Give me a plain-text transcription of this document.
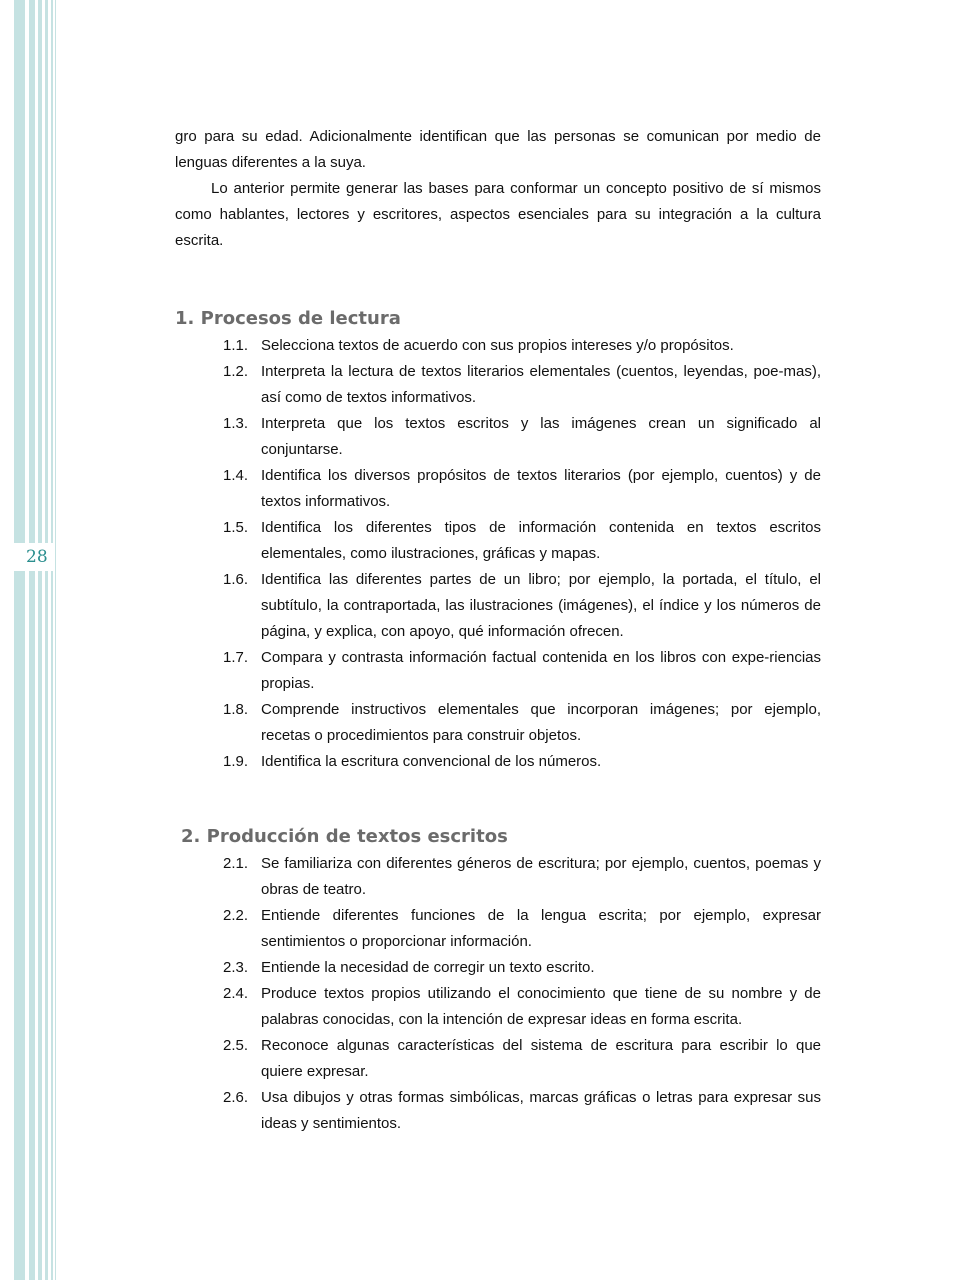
28

gro para su edad. Adicionalmente identifican que las personas se comunican por medio de lenguas diferentes a la suya.

Lo anterior permite generar las bases para conformar un concepto positivo de sí mismos como hablantes, lectores y escritores, aspectos esenciales para su integración a la cultura escrita.

1. Procesos de lectura
1.1. Selecciona textos de acuerdo con sus propios intereses y/o propósitos.
1.2. Interpreta la lectura de textos literarios elementales (cuentos, leyendas, poe-mas), así como de textos informativos.
1.3. Interpreta que los textos escritos y las imágenes crean un significado al conjuntarse.
1.4. Identifica los diversos propósitos de textos literarios (por ejemplo, cuentos) y de textos informativos.
1.5. Identifica los diferentes tipos de información contenida en textos escritos elementales, como ilustraciones, gráficas y mapas.
1.6. Identifica las diferentes partes de un libro; por ejemplo, la portada, el título, el subtítulo, la contraportada, las ilustraciones (imágenes), el índice y los números de página, y explica, con apoyo, qué información ofrecen.
1.7. Compara y contrasta información factual contenida en los libros con expe-riencias propias.
1.8. Comprende instructivos elementales que incorporan imágenes; por ejemplo, recetas o procedimientos para construir objetos.
1.9. Identifica la escritura convencional de los números.
2. Producción de textos escritos
2.1. Se familiariza con diferentes géneros de escritura; por ejemplo, cuentos, poemas y obras de teatro.
2.2. Entiende diferentes funciones de la lengua escrita; por ejemplo, expresar sentimientos o proporcionar información.
2.3. Entiende la necesidad de corregir un texto escrito.
2.4. Produce textos propios utilizando el conocimiento que tiene de su nombre y de palabras conocidas, con la intención de expresar ideas en forma escrita.
2.5. Reconoce algunas características del sistema de escritura para escribir lo que quiere expresar.
2.6. Usa dibujos y otras formas simbólicas, marcas gráficas o letras para expresar sus ideas y sentimientos.
